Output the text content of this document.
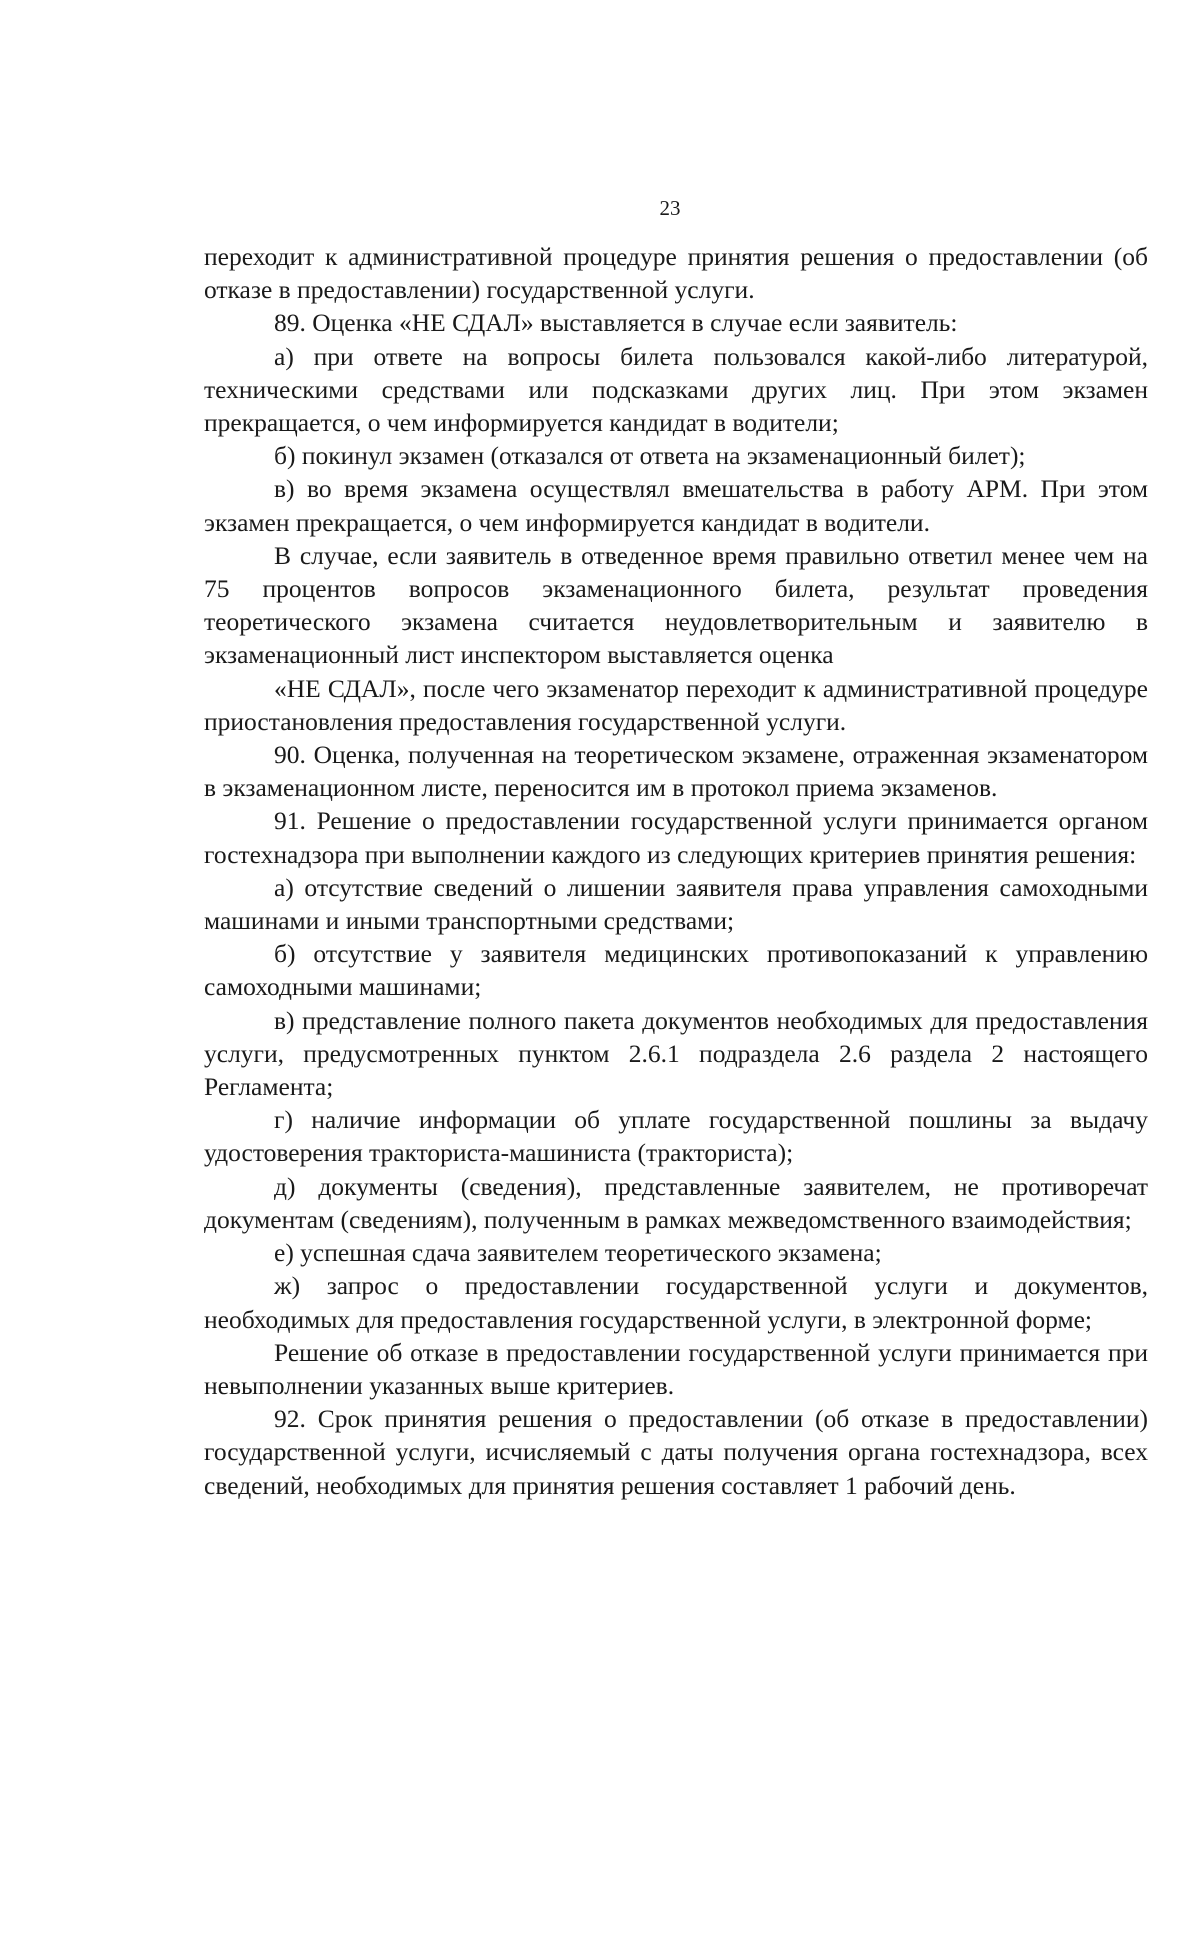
23

переходит к административной процедуре принятия решения о предоставлении (об отказе в предоставлении) государственной услуги.

89. Оценка «НЕ СДАЛ» выставляется в случае если заявитель:

а) при ответе на вопросы билета пользовался какой-либо литературой, техническими средствами или подсказками других лиц. При этом экзамен прекращается, о чем информируется кандидат в водители;

б) покинул экзамен (отказался от ответа на экзаменационный билет);

в) во время экзамена осуществлял вмешательства в работу АРМ. При этом экзамен прекращается, о чем информируется кандидат в водители.

В случае, если заявитель в отведенное время правильно ответил менее чем на 75 процентов вопросов экзаменационного билета, результат проведения теоретического экзамена считается неудовлетворительным и заявителю в экзаменационный лист инспектором выставляется оценка

«НЕ СДАЛ», после чего экзаменатор переходит к административной процедуре приостановления предоставления государственной услуги.

90. Оценка, полученная на теоретическом экзамене, отраженная экзаменатором в экзаменационном листе, переносится им в протокол приема экзаменов.

91. Решение о предоставлении государственной услуги принимается органом гостехнадзора при выполнении каждого из следующих критериев принятия решения:

а) отсутствие сведений о лишении заявителя права управления самоходными машинами и иными транспортными средствами;

б) отсутствие у заявителя медицинских противопоказаний к управлению самоходными машинами;

в) представление полного пакета документов необходимых для предоставления услуги, предусмотренных пунктом 2.6.1 подраздела 2.6 раздела 2 настоящего Регламента;

г) наличие информации об уплате государственной пошлины за выдачу удостоверения тракториста-машиниста (тракториста);

д) документы (сведения), представленные заявителем, не противоречат документам (сведениям), полученным в рамках межведомственного взаимодействия;

е) успешная сдача заявителем теоретического экзамена;

ж) запрос о предоставлении государственной услуги и документов, необходимых для предоставления государственной услуги, в электронной форме;

Решение об отказе в предоставлении государственной услуги принимается при невыполнении указанных выше критериев.

92. Срок принятия решения о предоставлении (об отказе в предоставлении) государственной услуги, исчисляемый с даты получения органа гостехнадзора, всех сведений, необходимых для принятия решения составляет 1 рабочий день.
